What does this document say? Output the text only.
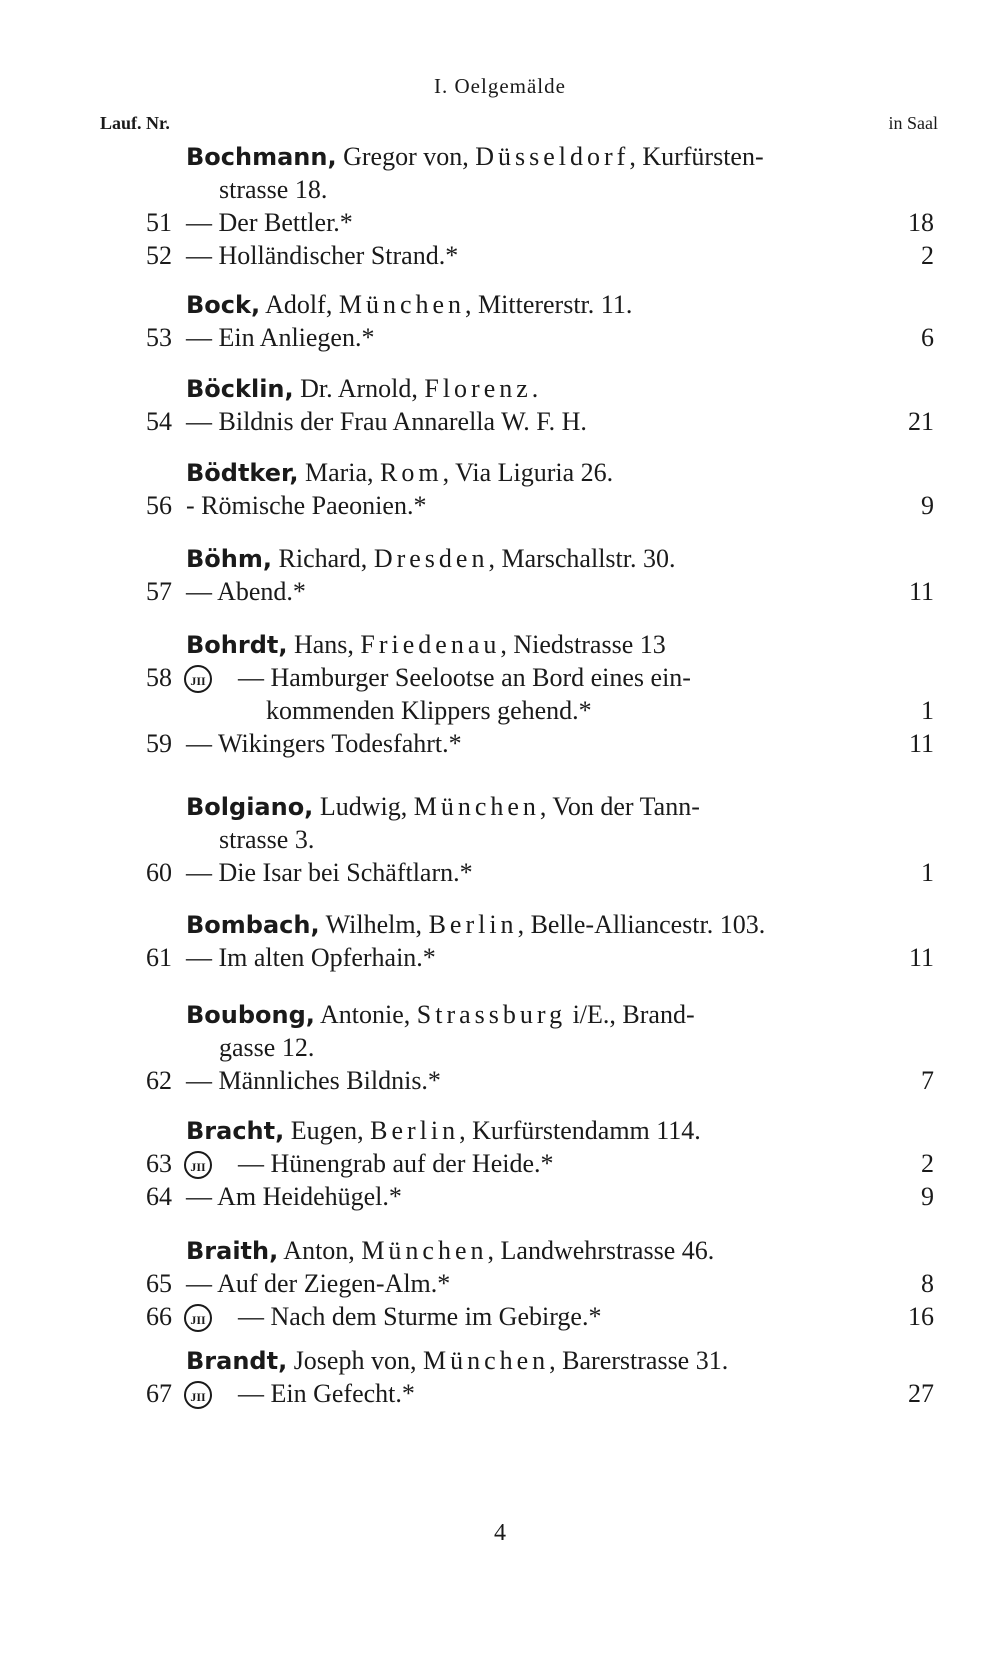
I. Oelgemälde
Lauf. Nr.	in Saal
Bochmann, Gregor von, Düsseldorf, Kurfürsten-
strasse 18.
51 — Der Bettler.*	18
52 — Holländischer Strand.*	2
Bock, Adolf, München, Mittererstr. 11.
53 — Ein Anliegen.*	6
Böcklin, Dr. Arnold, Florenz.
54 — Bildnis der Frau Annarella W. F. H.	21
Bödtker, Maria, Rom, Via Liguria 26.
56 - Römische Paeonien.*	9
Böhm, Richard, Dresden, Marschallstr. 30.
57 — Abend.*	11
Bohrdt, Hans, Friedenau, Niedstrasse 13
58	JII — Hamburger Seelootse an Bord eines ein-
kommenden Klippers gehend.*	1
59 — Wikingers Todesfahrt.*	11
Bolgiano, Ludwig, München, Von der Tann-
strasse 3.
60 — Die Isar bei Schäftlarn.*	1
Bombach, Wilhelm, Berlin, Belle-Alliancestr. 103.
61 — Im alten Opferhain.*	11
Boubong, Antonie, Strassburg i/E., Brand-
gasse 12.
62 — Männliches Bildnis.*	7
Bracht, Eugen, Berlin, Kurfürstendamm 114.
63	JII — Hünengrab auf der Heide.*	2
64 — Am Heidehügel.*	9
Braith, Anton, München, Landwehrstrasse 46.
65 — Auf der Ziegen-Alm.*	8
66	JII — Nach dem Sturme im Gebirge.*	16
Brandt, Joseph von, München, Barerstrasse 31.
67	JII — Ein Gefecht.*	27
4
